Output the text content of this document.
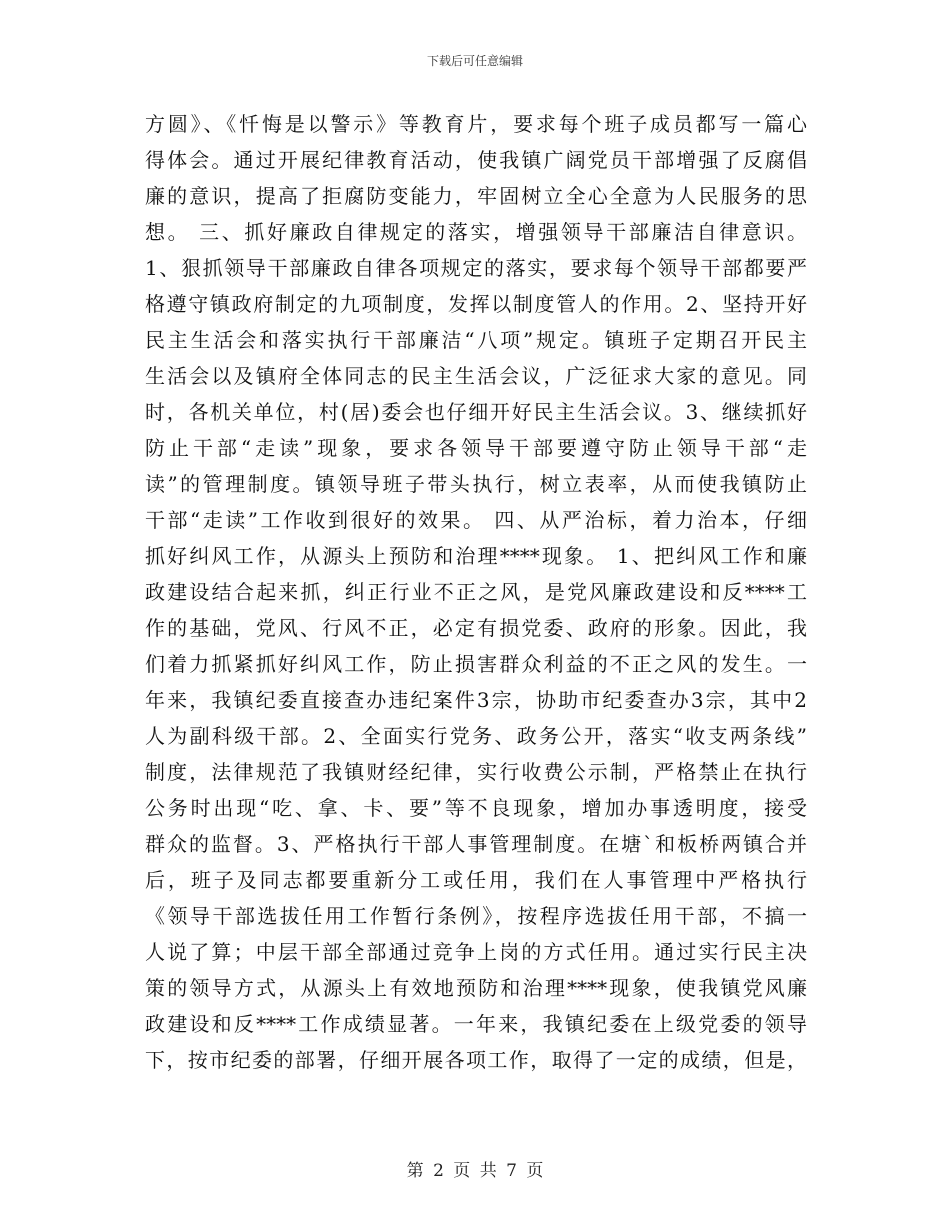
下载后可任意编辑
方圆》、《忏悔是以警示》等教育片，要求每个班子成员都写一篇心
得体会。通过开展纪律教育活动，使我镇广阔党员干部增强了反腐倡
廉的意识，提高了拒腐防变能力，牢固树立全心全意为人民服务的思
想。 三、抓好廉政自律规定的落实，增强领导干部廉洁自律意识。
1、狠抓领导干部廉政自律各项规定的落实，要求每个领导干部都要严
格遵守镇政府制定的九项制度，发挥以制度管人的作用。2、坚持开好
民主生活会和落实执行干部廉洁“八项”规定。镇班子定期召开民主
生活会以及镇府全体同志的民主生活会议，广泛征求大家的意见。同
时，各机关单位，村(居)委会也仔细开好民主生活会议。3、继续抓好
防止干部“走读”现象，要求各领导干部要遵守防止领导干部“走
读”的管理制度。镇领导班子带头执行，树立表率，从而使我镇防止
干部“走读”工作收到很好的效果。 四、从严治标，着力治本，仔细
抓好纠风工作，从源头上预防和治理****现象。 1、把纠风工作和廉
政建设结合起来抓，纠正行业不正之风，是党风廉政建设和反****工
作的基础，党风、行风不正，必定有损党委、政府的形象。因此，我
们着力抓紧抓好纠风工作，防止损害群众利益的不正之风的发生。一
年来，我镇纪委直接查办违纪案件3宗，协助市纪委查办3宗，其中2
人为副科级干部。2、全面实行党务、政务公开，落实“收支两条线”
制度，法律规范了我镇财经纪律，实行收费公示制，严格禁止在执行
公务时出现“吃、拿、卡、要”等不良现象，增加办事透明度，接受
群众的监督。3、严格执行干部人事管理制度。在塘`和板桥两镇合并
后，班子及同志都要重新分工或任用，我们在人事管理中严格执行
《领导干部选拔任用工作暂行条例》，按程序选拔任用干部，不搞一
人说了算；中层干部全部通过竞争上岗的方式任用。通过实行民主决
策的领导方式，从源头上有效地预防和治理****现象，使我镇党风廉
政建设和反****工作成绩显著。一年来，我镇纪委在上级党委的领导
下，按市纪委的部署，仔细开展各项工作，取得了一定的成绩，但是，
第 2 页 共 7 页
